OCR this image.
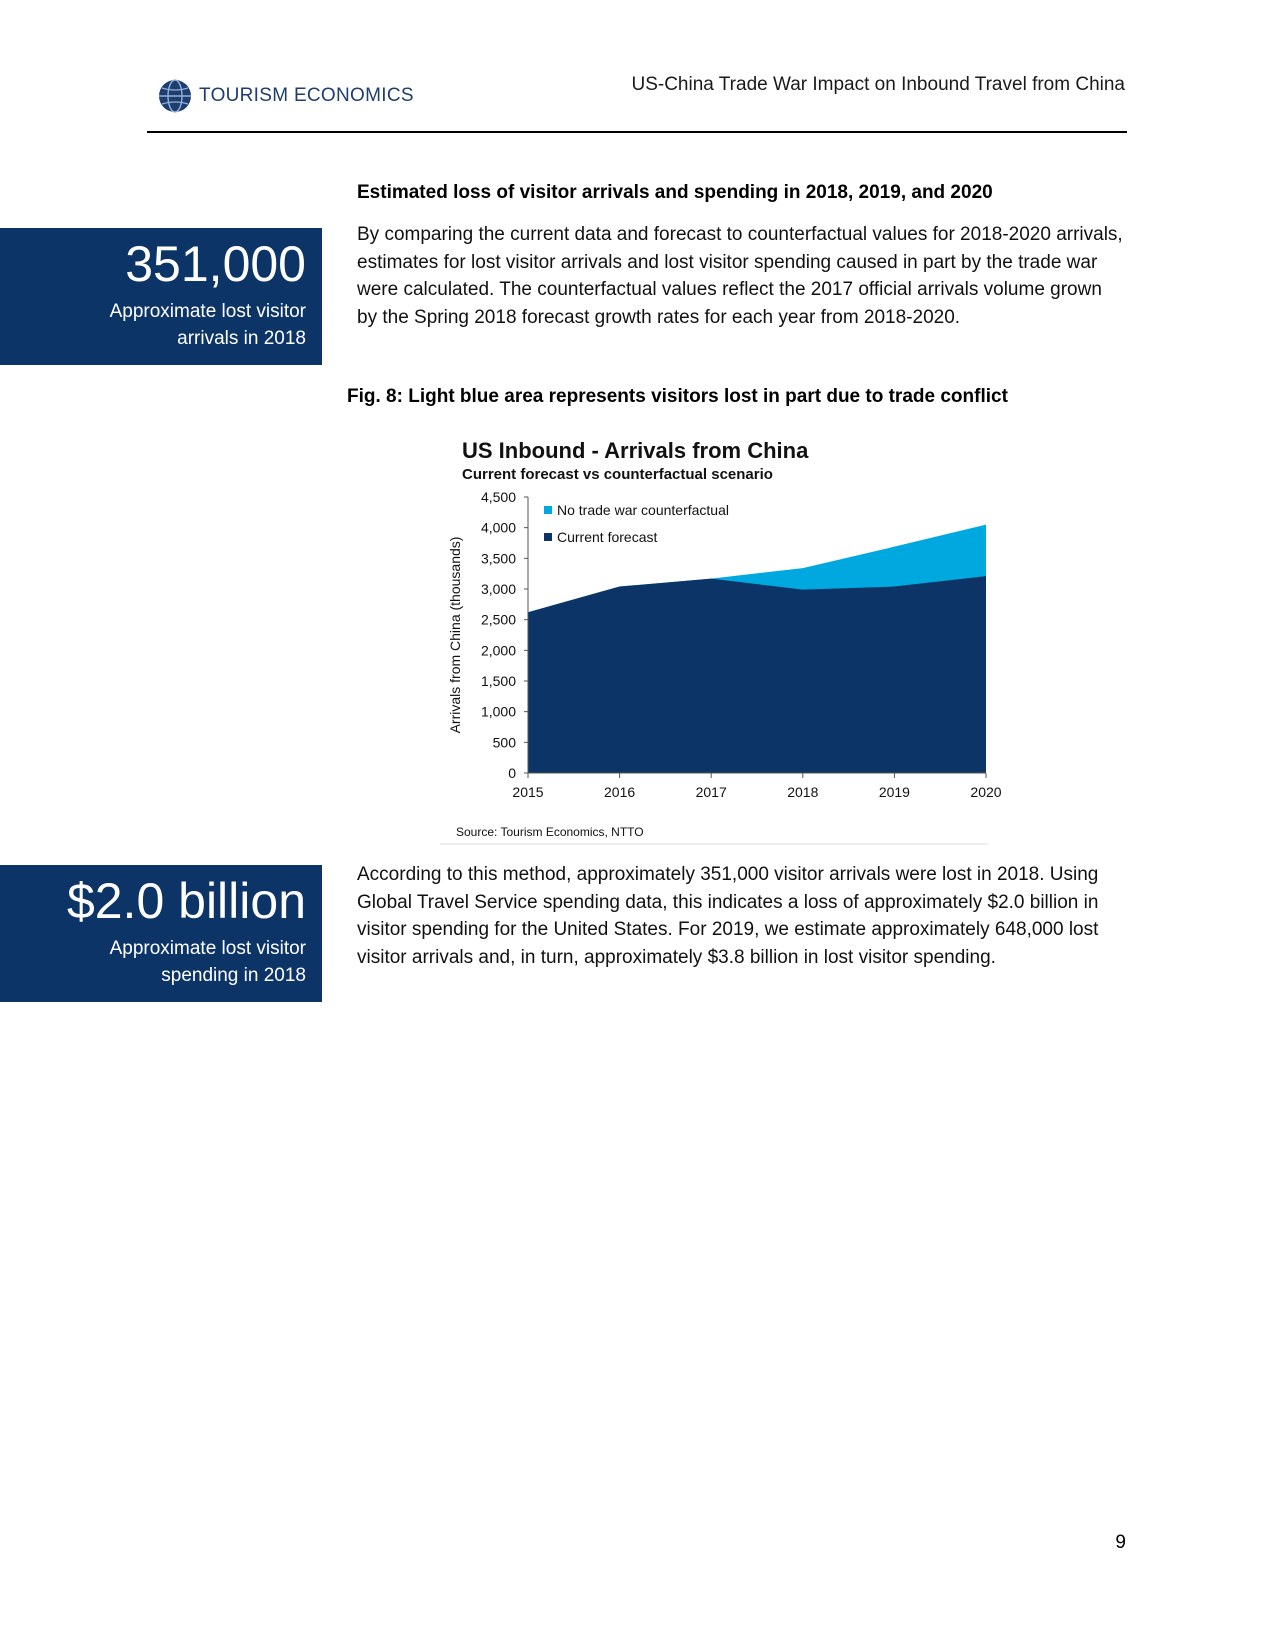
TOURISM ECONOMICS
US-China Trade War Impact on Inbound Travel from China
Estimated loss of visitor arrivals and spending in 2018, 2019, and 2020
By comparing the current data and forecast to counterfactual values for 2018-2020 arrivals, estimates for lost visitor arrivals and lost visitor spending caused in part by the trade war were calculated. The counterfactual values reflect the 2017 official arrivals volume grown by the Spring 2018 forecast growth rates for each year from 2018-2020.
351,000
Approximate lost visitor
arrivals in 2018
Fig. 8: Light blue area represents visitors lost in part due to trade conflict
0
500
1,000
1,500
2,000
2,500
3,000
3,500
4,000
4,500
2015	2016	2017	2018	2019	2020
Arrivals from China (thousands)
No trade war counterfactual
Current forecast
US Inbound - Arrivals from China
Current forecast vs counterfactual scenario
Source: Tourism Economics, NTTO
$2.0 billion
Approximate lost visitor
spending in 2018
According to this method, approximately 351,000 visitor arrivals were lost in 2018. Using Global Travel Service spending data, this indicates a loss of approximately $2.0 billion in visitor spending for the United States. For 2019, we estimate approximately 648,000 lost visitor arrivals and, in turn, approximately $3.8 billion in lost visitor spending.
9
